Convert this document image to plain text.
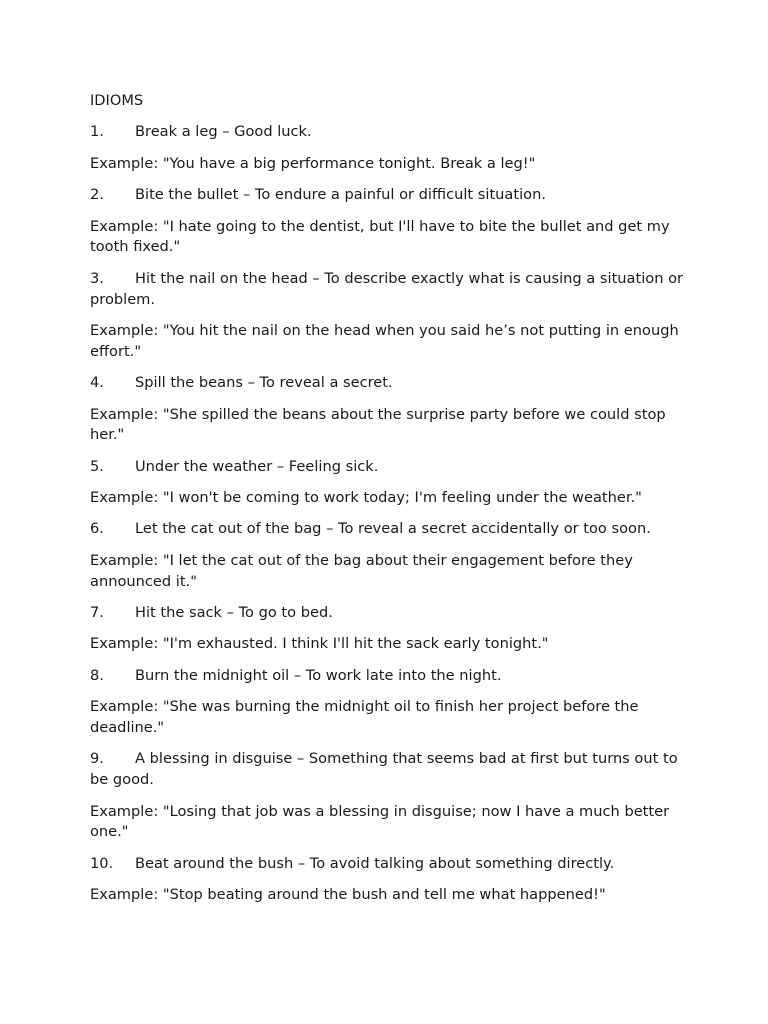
IDIOMS
1. Break a leg – Good luck.
Example: "You have a big performance tonight. Break a leg!"
2. Bite the bullet – To endure a painful or difficult situation.
Example: "I hate going to the dentist, but I'll have to bite the bullet and get my tooth fixed."
3. Hit the nail on the head – To describe exactly what is causing a situation or problem.
Example: "You hit the nail on the head when you said he’s not putting in enough effort."
4. Spill the beans – To reveal a secret.
Example: "She spilled the beans about the surprise party before we could stop her."
5. Under the weather – Feeling sick.
Example: "I won't be coming to work today; I'm feeling under the weather."
6. Let the cat out of the bag – To reveal a secret accidentally or too soon.
Example: "I let the cat out of the bag about their engagement before they announced it."
7. Hit the sack – To go to bed.
Example: "I'm exhausted. I think I'll hit the sack early tonight."
8. Burn the midnight oil – To work late into the night.
Example: "She was burning the midnight oil to finish her project before the deadline."
9. A blessing in disguise – Something that seems bad at first but turns out to be good.
Example: "Losing that job was a blessing in disguise; now I have a much better one."
10. Beat around the bush – To avoid talking about something directly.
Example: "Stop beating around the bush and tell me what happened!"
